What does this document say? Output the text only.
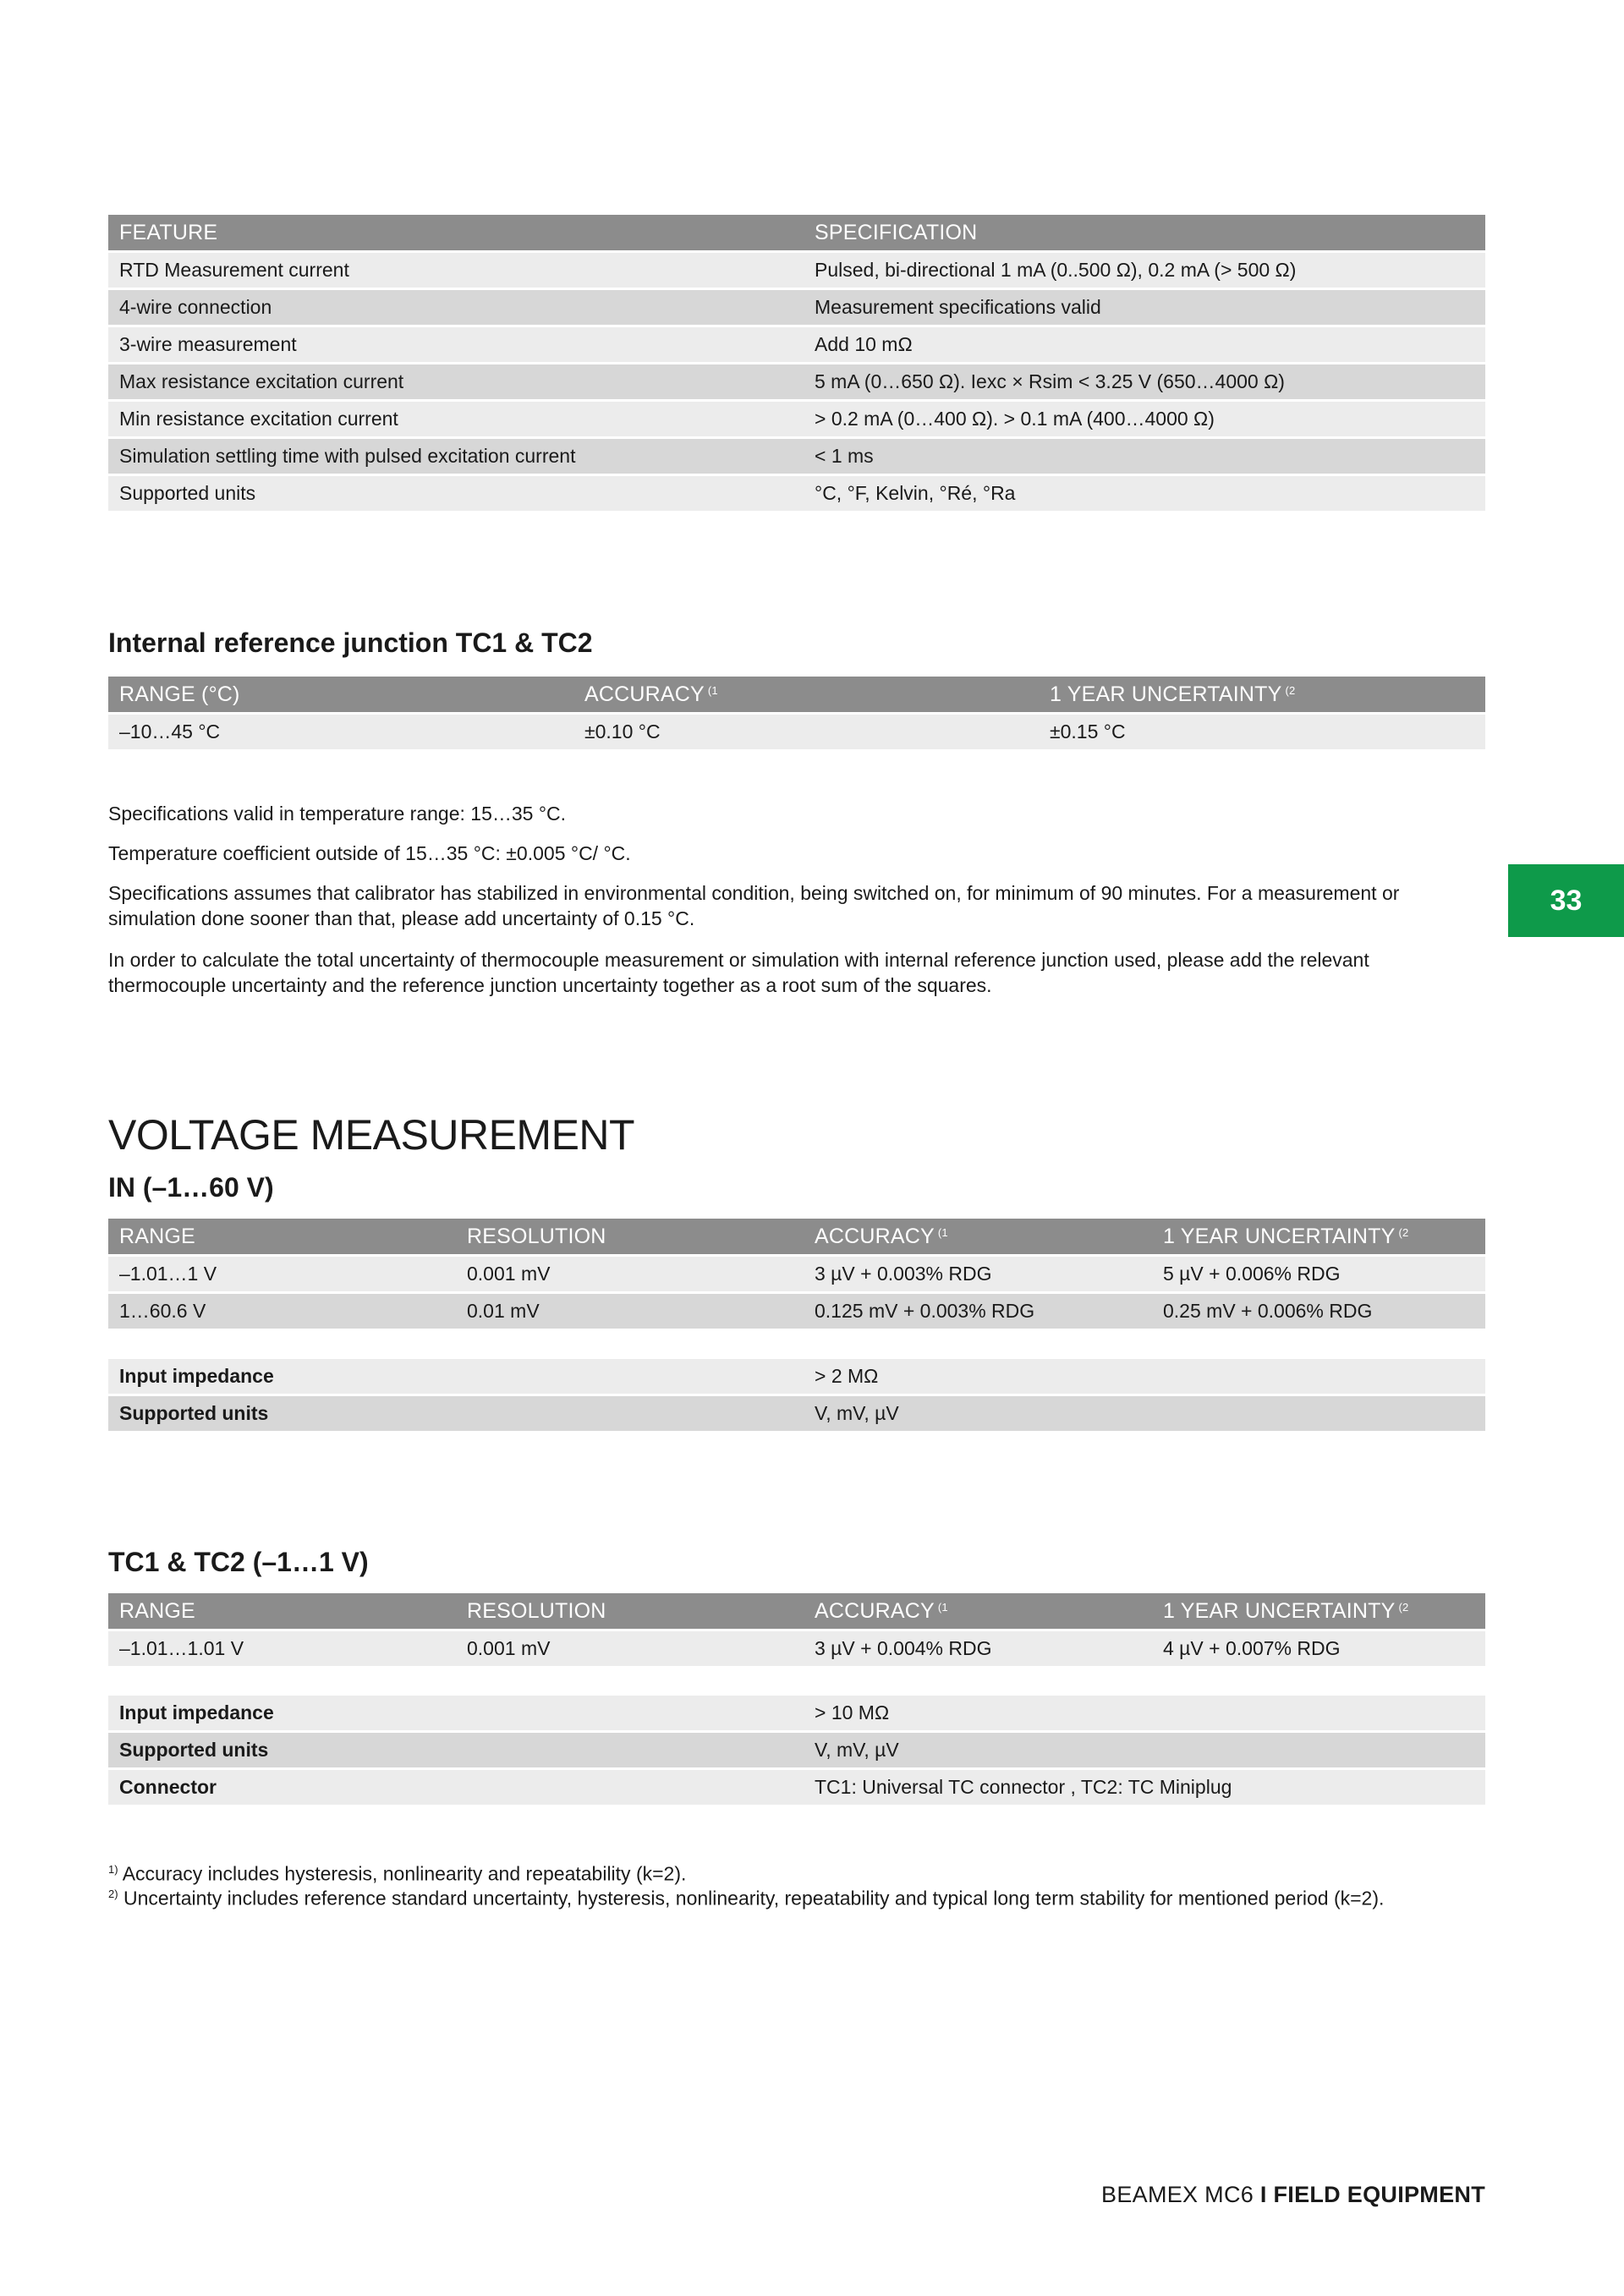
FEATURE	SPECIFICATION
RTD Measurement current	Pulsed, bi-directional 1 mA (0..500 Ω), 0.2 mA (> 500 Ω)
4-wire connection	Measurement specifications valid
3-wire measurement	Add 10 mΩ
Max resistance excitation current	5 mA (0…650 Ω). Iexc × Rsim < 3.25 V (650…4000 Ω)
Min resistance excitation current	> 0.2 mA (0…400 Ω). > 0.1 mA (400…4000 Ω)
Simulation settling time with pulsed excitation current	< 1 ms
Supported units	°C, °F, Kelvin, °Ré, °Ra
Internal reference junction TC1 & TC2
RANGE (°C)	ACCURACY $^{(1}$	1 YEAR UNCERTAINTY $^{(2}$
–10…45 °C	±0.10 °C	±0.15 °C
Specifications valid in temperature range: 15…35 °C.
Temperature coefficient outside of 15…35 °C: ±0.005 °C/ °C.
Specifications assumes that calibrator has stabilized in environmental condition, being switched on, for minimum of 90 minutes. For a measurement or simulation done sooner than that, please add uncertainty of 0.15 °C.
In order to calculate the total uncertainty of thermocouple measurement or simulation with internal reference junction used, please add the relevant thermocouple uncertainty and the reference junction uncertainty together as a root sum of the squares.
33
VOLTAGE MEASUREMENT
IN (–1…60 V)
RANGE	RESOLUTION	ACCURACY $^{(1}$	1 YEAR UNCERTAINTY $^{(2}$
–1.01…1 V	0.001 mV	3 µV + 0.003% RDG	5 µV + 0.006% RDG
1…60.6 V	0.01 mV	0.125 mV + 0.003% RDG	0.25 mV + 0.006% RDG
Input impedance	> 2 MΩ
Supported units	V, mV, µV
TC1 & TC2 (–1…1 V)
RANGE	RESOLUTION	ACCURACY $^{(1}$	1 YEAR UNCERTAINTY $^{(2}$
–1.01…1.01 V	0.001 mV	3 µV + 0.004% RDG	4 µV + 0.007% RDG
Input impedance	> 10 MΩ
Supported units	V, mV, µV
Connector	TC1: Universal TC connector , TC2: TC Miniplug
$^{1)}$ Accuracy includes hysteresis, nonlinearity and repeatability (k=2).
$^{2)}$ Uncertainty includes reference standard uncertainty, hysteresis, nonlinearity, repeatability and typical long term stability for mentioned period (k=2).
BEAMEX MC6 I FIELD EQUIPMENT
